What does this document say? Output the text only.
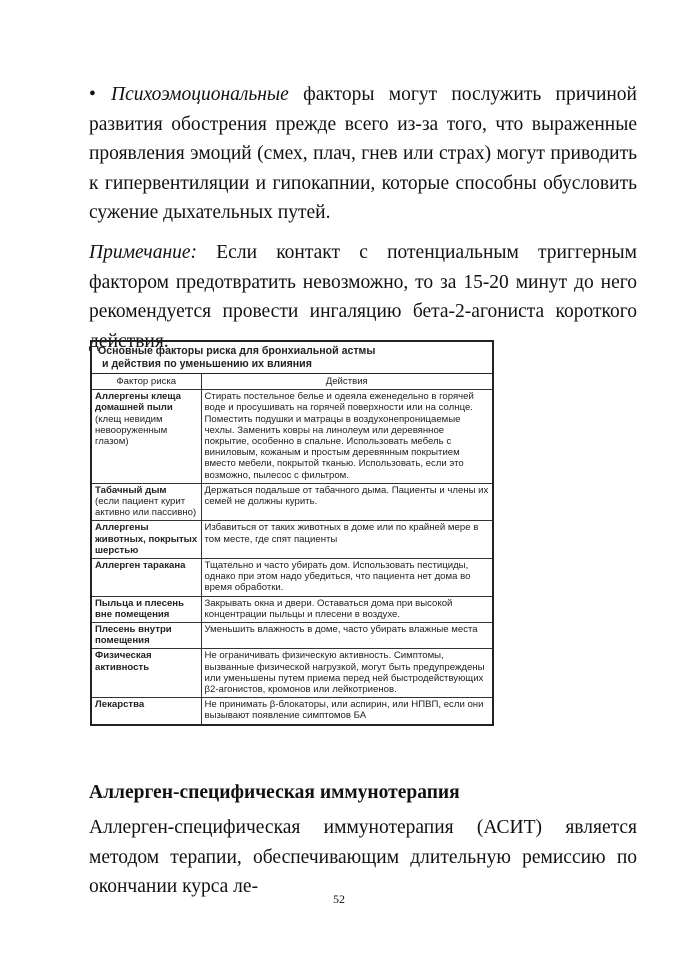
• Психоэмоциональные факторы могут послужить причиной развития обострения прежде всего из-за того, что выраженные проявления эмоций (смех, плач, гнев или страх) могут приводить к гипервентиляции и гипокапнии, которые способны обусловить сужение дыхательных путей.

Примечание: Если контакт с потенциальным триггерным фактором предотвратить невозможно, то за 15-20 минут до него рекомендуется провести ингаляцию бета-2-агониста короткого действия.

Основные факторы риска для бронхиальной астмы
и действия по уменьшению их влияния
Фактор риска	Действия

Аллергены клеща домашней пыли
(клещ невидим невооруженным глазом)	Стирать постельное белье и одеяла еженедельно в горячей воде и просушивать на горячей поверхности или на солнце. Поместить подушки и матрацы в воздухонепроницаемые чехлы. Заменить ковры на линолеум или деревянное покрытие, особенно в спальне. Использовать мебель с виниловым, кожаным и простым деревянным покрытием вместо мебели, покрытой тканью. Использовать, если это возможно, пылесос с фильтром.

Табачный дым
(если пациент курит активно или пассивно)	Держаться подальше от табачного дыма. Пациенты и члены их семей не должны курить.

Аллергены животных, покрытых шерстью	Избавиться от таких животных в доме или по крайней мере в том месте, где спят пациенты

Аллерген таракана	Тщательно и часто убирать дом. Использовать пестициды, однако при этом надо убедиться, что пациента нет дома во время обработки.

Пыльца и плесень вне помещения	Закрывать окна и двери. Оставаться дома при высокой концентрации пыльцы и плесени в воздухе.

Плесень внутри помещения	Уменьшить влажность в доме, часто убирать влажные места

Физическая активность	Не ограничивать физическую активность. Симптомы, вызванные физической нагрузкой, могут быть предупреждены или уменьшены путем приема перед ней быстродействующих β2-агонистов, кромонов или лейкотриенов.

Лекарства	Не принимать β-блокаторы, или аспирин, или НПВП, если они вызывают появление симптомов БА

Аллерген-специфическая иммунотерапия

Аллерген-специфическая иммунотерапия (АСИТ) является методом терапии, обеспечивающим длительную ремиссию по окончании курса ле-

52
